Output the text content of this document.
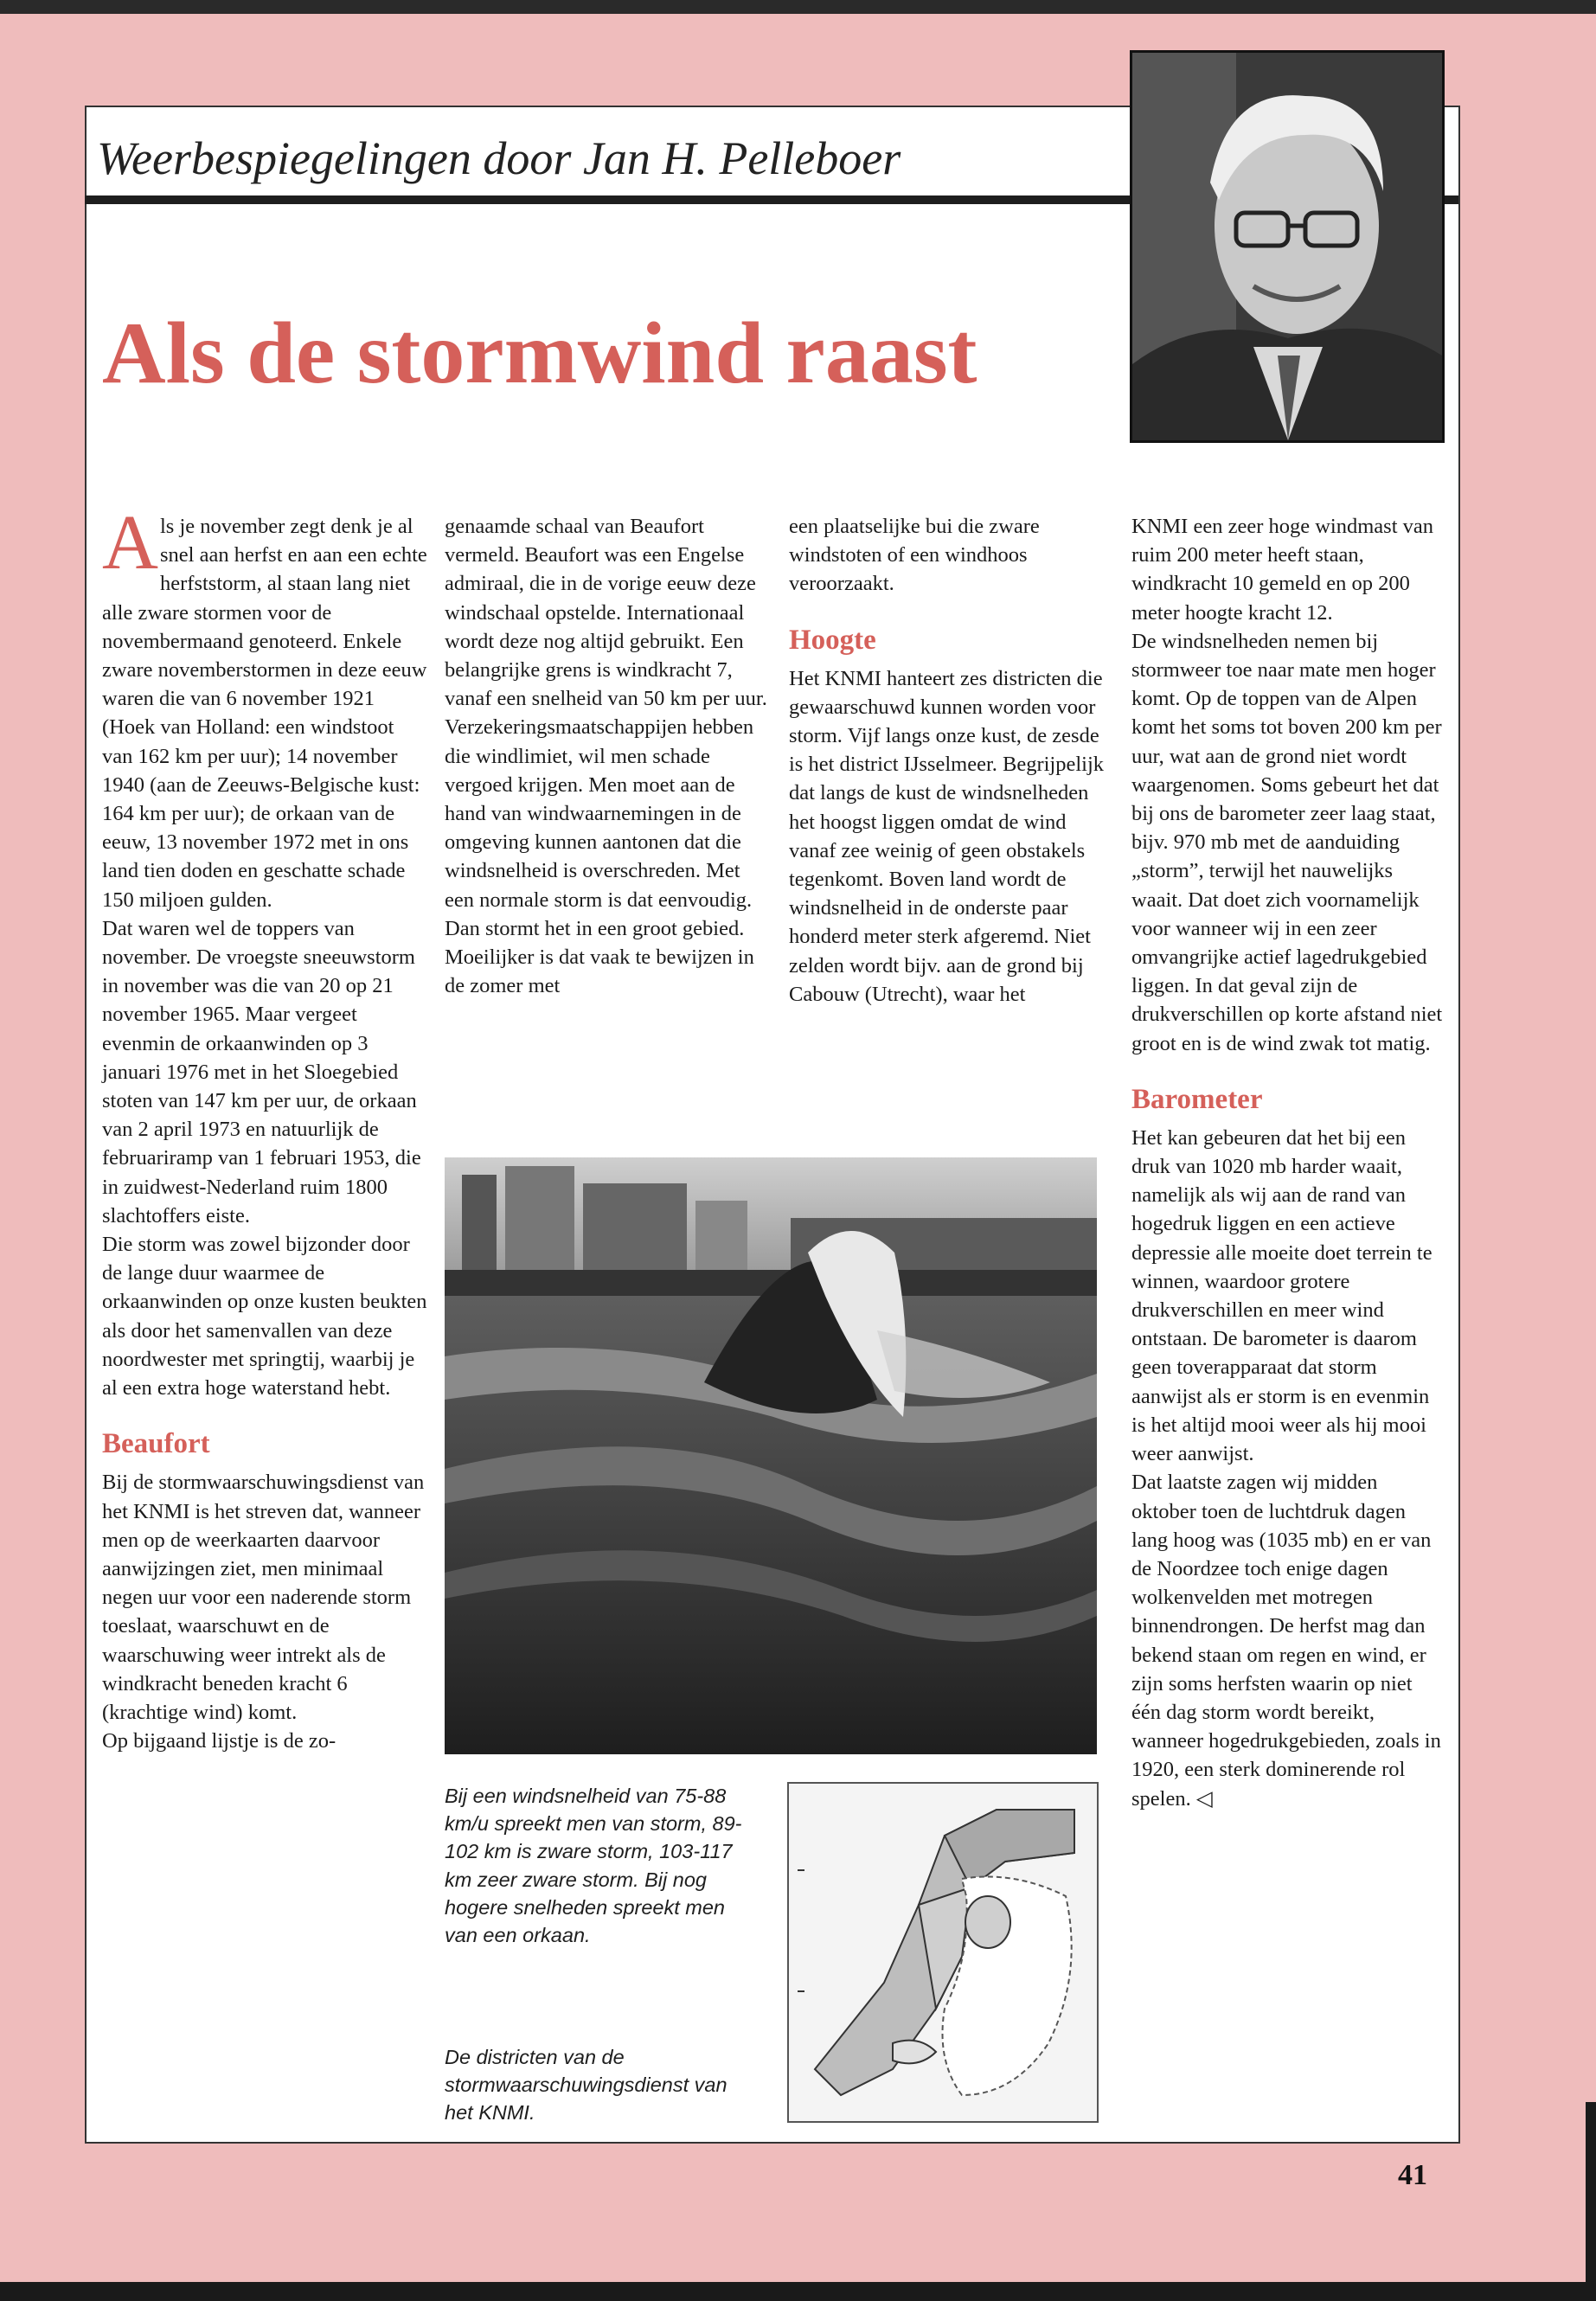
Weerbespiegelingen door Jan H. Pelleboer
Als de stormwind raast
A ls je november zegt denk je al snel aan herfst en aan een echte herfststorm, al staan lang niet alle zware stormen voor de novembermaand genoteerd. Enkele zware novemberstormen in deze eeuw waren die van 6 november 1921 (Hoek van Holland: een windstoot van 162 km per uur); 14 november 1940 (aan de Zeeuws-Belgische kust: 164 km per uur); de orkaan van de eeuw, 13 november 1972 met in ons land tien doden en geschatte schade 150 miljoen gulden.

Dat waren wel de toppers van november. De vroegste sneeuwstorm in november was die van 20 op 21 november 1965. Maar vergeet evenmin de orkaanwinden op 3 januari 1976 met in het Sloegebied stoten van 147 km per uur, de orkaan van 2 april 1973 en natuurlijk de februariramp van 1 februari 1953, die in zuidwest-Nederland ruim 1800 slachtoffers eiste.

Die storm was zowel bijzonder door de lange duur waarmee de orkaanwinden op onze kusten beukten als door het samenvallen van deze noordwester met springtij, waarbij je al een extra hoge waterstand hebt.

Beaufort

Bij de stormwaarschuwingsdienst van het KNMI is het streven dat, wanneer men op de weerkaarten daarvoor aanwijzingen ziet, men minimaal negen uur voor een naderende storm toeslaat, waarschuwt en de waarschuwing weer intrekt als de windkracht beneden kracht 6 (krachtige wind) komt.

Op bijgaand lijstje is de zo-

genaamde schaal van Beaufort vermeld. Beaufort was een Engelse admiraal, die in de vorige eeuw deze windschaal opstelde. Internationaal wordt deze nog altijd gebruikt. Een belangrijke grens is windkracht 7, vanaf een snelheid van 50 km per uur. Verzekeringsmaatschappijen hebben die windlimiet, wil men schade vergoed krijgen. Men moet aan de hand van windwaarnemingen in de omgeving kunnen aantonen dat die windsnelheid is overschreden. Met een normale storm is dat eenvoudig. Dan stormt het in een groot gebied. Moeilijker is dat vaak te bewijzen in de zomer met

een plaatselijke bui die zware windstoten of een windhoos veroorzaakt.

Hoogte

Het KNMI hanteert zes districten die gewaarschuwd kunnen worden voor storm. Vijf langs onze kust, de zesde is het district IJsselmeer. Begrijpelijk dat langs de kust de windsnelheden het hoogst liggen omdat de wind vanaf zee weinig of geen obstakels tegenkomt. Boven land wordt de windsnelheid in de onderste paar honderd meter sterk afgeremd. Niet zelden wordt bijv. aan de grond bij Cabouw (Utrecht), waar het

KNMI een zeer hoge windmast van ruim 200 meter heeft staan, windkracht 10 gemeld en op 200 meter hoogte kracht 12.

De windsnelheden nemen bij stormweer toe naar mate men hoger komt. Op de toppen van de Alpen komt het soms tot boven 200 km per uur, wat aan de grond niet wordt waargenomen. Soms gebeurt het dat bij ons de barometer zeer laag staat, bijv. 970 mb met de aanduiding „storm”, terwijl het nauwelijks waait. Dat doet zich voornamelijk voor wanneer wij in een zeer omvangrijke actief lagedrukgebied liggen. In dat geval zijn de drukverschillen op korte afstand niet groot en is de wind zwak tot matig.

Barometer

Het kan gebeuren dat het bij een druk van 1020 mb harder waait, namelijk als wij aan de rand van hogedruk liggen en een actieve depressie alle moeite doet terrein te winnen, waardoor grotere drukverschillen en meer wind ontstaan. De barometer is daarom geen toverapparaat dat storm aanwijst als er storm is en evenmin is het altijd mooi weer als hij mooi weer aanwijst.

Dat laatste zagen wij midden oktober toen de luchtdruk dagen lang hoog was (1035 mb) en er van de Noordzee toch enige dagen wolkenvelden met motregen binnendrongen. De herfst mag dan bekend staan om regen en wind, er zijn soms herfsten waarin op niet één dag storm wordt bereikt, wanneer hogedrukgebieden, zoals in 1920, een sterk dominerende rol spelen. ◁

Bij een windsnelheid van 75-88 km/u spreekt men van storm, 89-102 km is zware storm, 103-117 km zeer zware storm. Bij nog hogere snelheden spreekt men van een orkaan.
De districten van de stormwaarschuwingsdienst van het KNMI.
41
